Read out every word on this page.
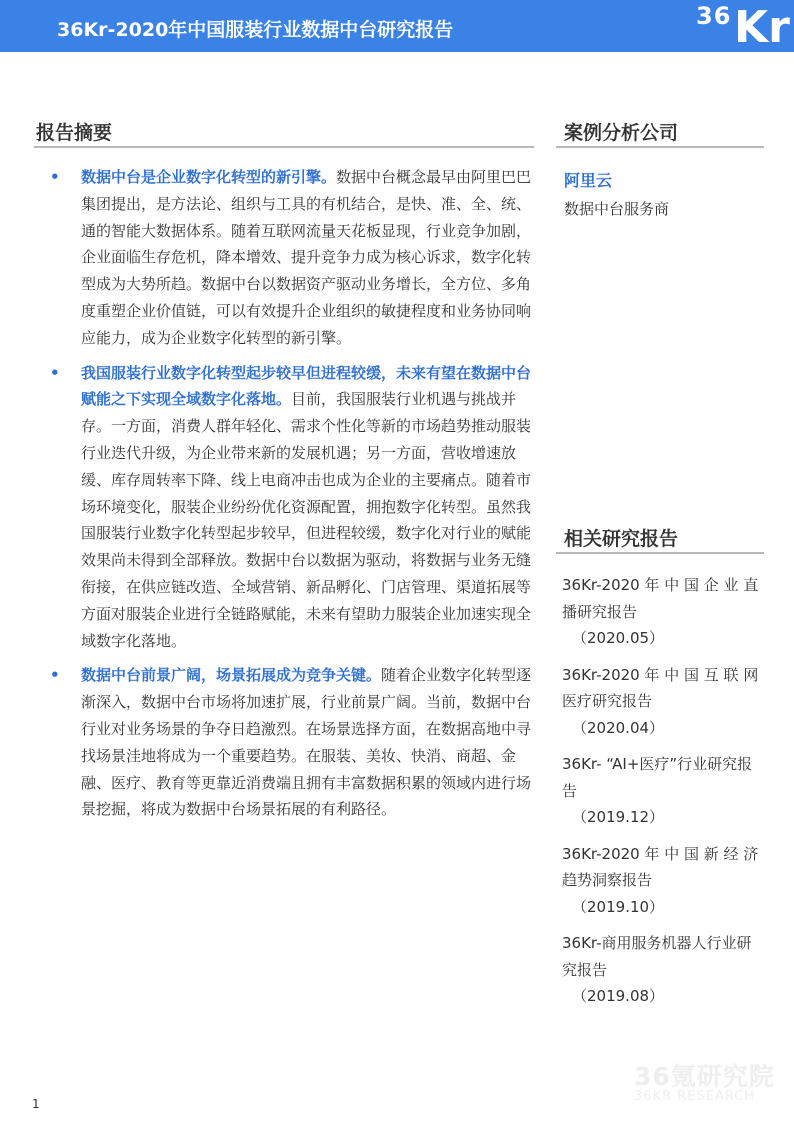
36Kr-2020年中国服装行业数据中台研究报告	36 Kr
报告摘要
• 数据中台是企业数字化转型的新引擎。数据中台概念最早由阿里巴巴集团提出，是方法论、组织与工具的有机结合，是快、准、全、统、通的智能大数据体系。随着互联网流量天花板显现，行业竞争加剧，企业面临生存危机，降本增效、提升竞争力成为核心诉求，数字化转型成为大势所趋。数据中台以数据资产驱动业务增长，全方位、多角度重塑企业价值链，可以有效提升企业组织的敏捷程度和业务协同响应能力，成为企业数字化转型的新引擎。
• 我国服装行业数字化转型起步较早但进程较缓，未来有望在数据中台赋能之下实现全域数字化落地。目前，我国服装行业机遇与挑战并存。一方面，消费人群年轻化、需求个性化等新的市场趋势推动服装行业迭代升级，为企业带来新的发展机遇；另一方面，营收增速放缓、库存周转率下降、线上电商冲击也成为企业的主要痛点。随着市场环境变化，服装企业纷纷优化资源配置，拥抱数字化转型。虽然我国服装行业数字化转型起步较早，但进程较缓，数字化对行业的赋能效果尚未得到全部释放。数据中台以数据为驱动，将数据与业务无缝衔接，在供应链改造、全域营销、新品孵化、门店管理、渠道拓展等方面对服装企业进行全链路赋能，未来有望助力服装企业加速实现全域数字化落地。
• 数据中台前景广阔，场景拓展成为竞争关键。随着企业数字化转型逐渐深入，数据中台市场将加速扩展，行业前景广阔。当前，数据中台行业对业务场景的争夺日趋激烈。在场景选择方面，在数据高地中寻找场景洼地将成为一个重要趋势。在服装、美妆、快消、商超、金融、医疗、教育等更靠近消费端且拥有丰富数据积累的领域内进行场景挖掘，将成为数据中台场景拓展的有利路径。
案例分析公司
阿里云
数据中台服务商
相关研究报告
36Kr-2020 年 中 国 企 业 直播研究报告
（2020.05）
36Kr-2020 年 中 国 互 联 网医疗研究报告
（2020.04）
36Kr- “AI+医疗”行业研究报告
（2019.12）
36Kr-2020 年 中 国 新 经 济趋势洞察报告
（2019.10）
36Kr-商用服务机器人行业研究报告
（2019.08）
36氪研究院
36KR RESEARCH
1
